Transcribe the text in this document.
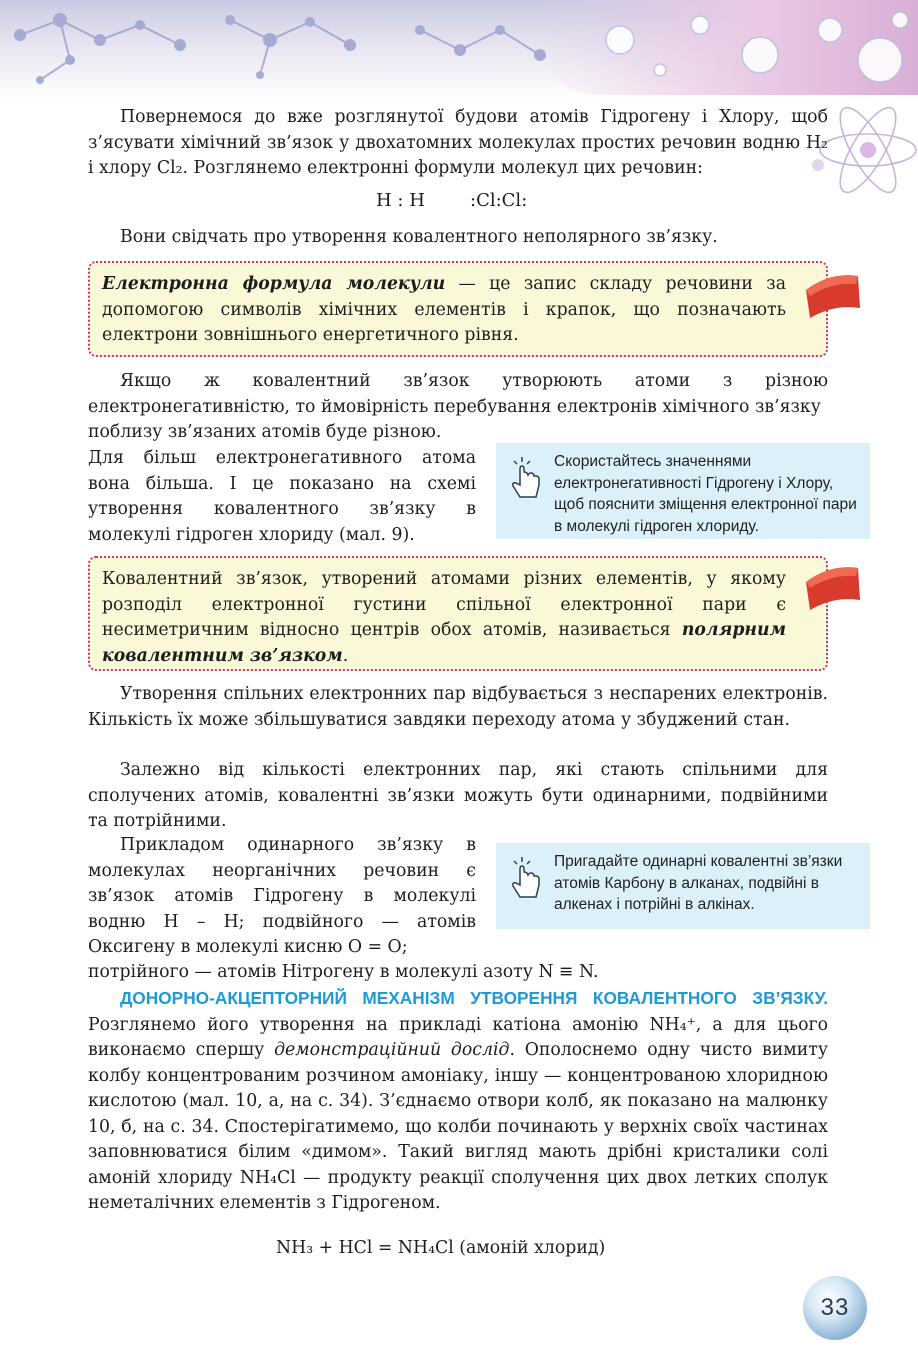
Повернемося до вже розглянутої будови атомів Гідрогену і Хлору, щоб з’ясувати хімічний зв’язок у двохатомних молекулах простих речовин водню H₂ і хлору Cl₂. Розглянемо електронні формули молекул цих речовин:

H : H	:Cl:Cl:

Вони свідчать про утворення ковалентного неполярного зв’язку.

Електронна формула молекули — це запис складу речовини за допомогою символів хімічних елементів і крапок, що позначають електрони зовнішнього енергетичного рівня.

Якщо ж ковалентний зв’язок утворюють атоми з різною електронегативністю, то ймовірність перебування електронів хімічного зв’язку

поблизу зв’язаних атомів буде різною.

Для більш електронегативного атома вона більша. І це показано на схемі утворення ковалентного зв’язку в молекулі гідроген хлориду (мал. 9).

Скористайтесь значеннями електронегативності Гідрогену і Хлору, щоб пояснити зміщення електронної пари в молекулі гідроген хлориду.

Ковалентний зв’язок, утворений атомами різних елементів, у якому розподіл електронної густини спільної електронної пари є несиметричним відносно центрів обох атомів, називається полярним ковалентним зв’язком.

Утворення спільних електронних пар відбувається з неспарених електронів. Кількість їх може збільшуватися завдяки переходу атома у збуджений стан.

Залежно від кількості електронних пар, які стають спільними для сполучених атомів, ковалентні зв’язки можуть бути одинарними, подвійними та потрійними.

Прикладом одинарного зв’язку в молекулах неорганічних речовин є зв’язок атомів Гідрогену в молекулі водню H – H; подвійного — атомів Оксигену в молекулі кисню O = O;

потрійного — атомів Нітрогену в молекулі азоту N ≡ N.

Пригадайте одинарні ковалентні зв’язки атомів Карбону в алканах, подвійні в алкенах і потрійні в алкінах.

ДОНОРНО-АКЦЕПТОРНИЙ МЕХАНІЗМ УТВОРЕННЯ КОВАЛЕНТНОГО ЗВ’ЯЗКУ. Розглянемо його утворення на прикладі катіона амонію NH₄⁺, а для цього виконаємо спершу демонстраційний дослід. Ополоснемо одну чисто вимиту колбу концентрованим розчином амоніаку, іншу — концентрованою хлоридною кислотою (мал. 10, а, на с. 34). З’єднаємо отвори колб, як показано на малюнку 10, б, на с. 34. Спостерігатимемо, що колби починають у верхніх своїх частинах заповнюватися білим «димом». Такий вигляд мають дрібні кристалики солі амоній хлориду NH₄Cl — продукту реакції сполучення цих двох летких сполук неметалічних елементів з Гідрогеном.

NH₃ + HCl = NH₄Cl (амоній хлорид)
33
